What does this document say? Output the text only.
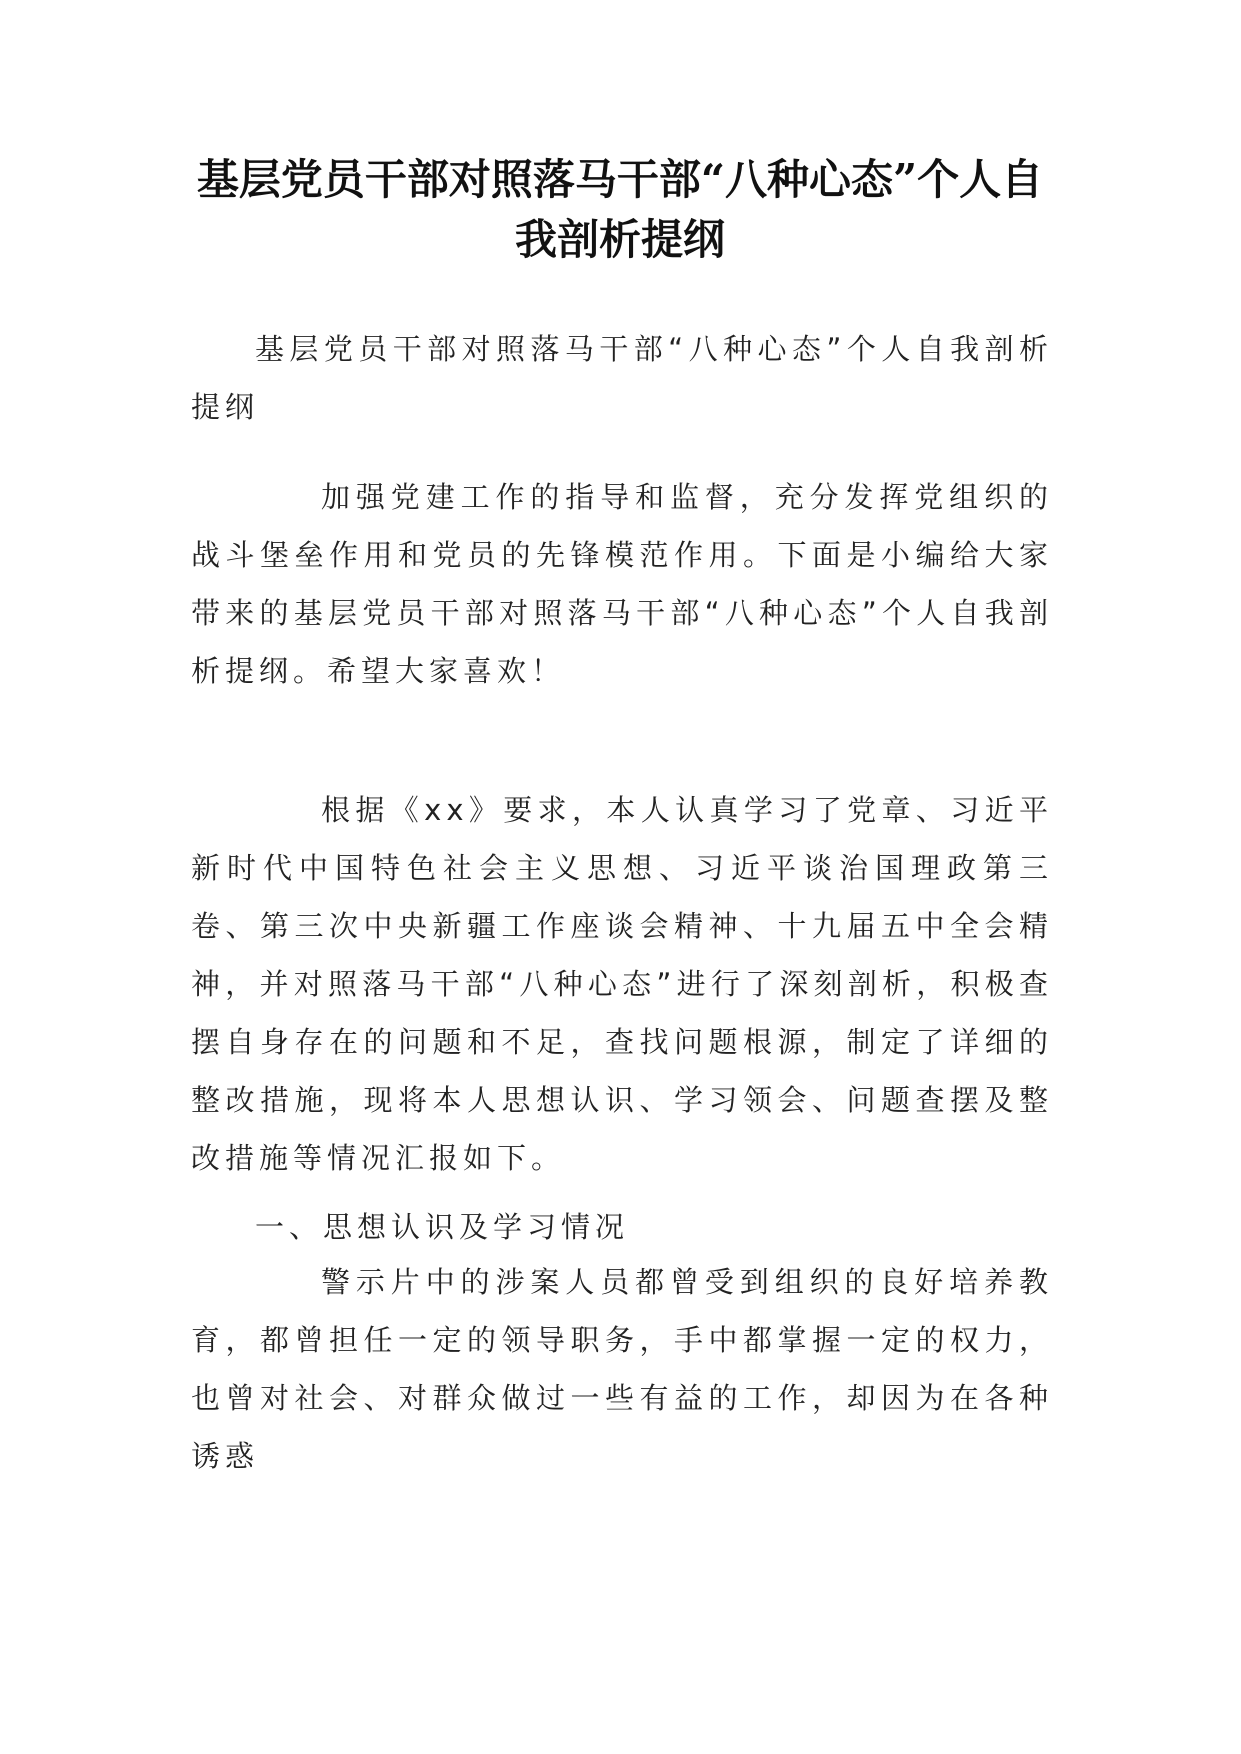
基层党员干部对照落马干部“八种心态”个人自我剖析提纲

基层党员干部对照落马干部“八种心态”个人自我剖析提纲

加强党建工作的指导和监督，充分发挥党组织的战斗堡垒作用和党员的先锋模范作用。下面是小编给大家带来的基层党员干部对照落马干部“八种心态”个人自我剖析提纲。希望大家喜欢！

根据《xx》要求，本人认真学习了党章、习近平新时代中国特色社会主义思想、习近平谈治国理政第三卷、第三次中央新疆工作座谈会精神、十九届五中全会精神，并对照落马干部“八种心态”进行了深刻剖析，积极查摆自身存在的问题和不足，查找问题根源，制定了详细的整改措施，现将本人思想认识、学习领会、问题查摆及整改措施等情况汇报如下。

一、思想认识及学习情况

警示片中的涉案人员都曾受到组织的良好培养教育，都曾担任一定的领导职务，手中都掌握一定的权力，也曾对社会、对群众做过一些有益的工作，却因为在各种诱惑
